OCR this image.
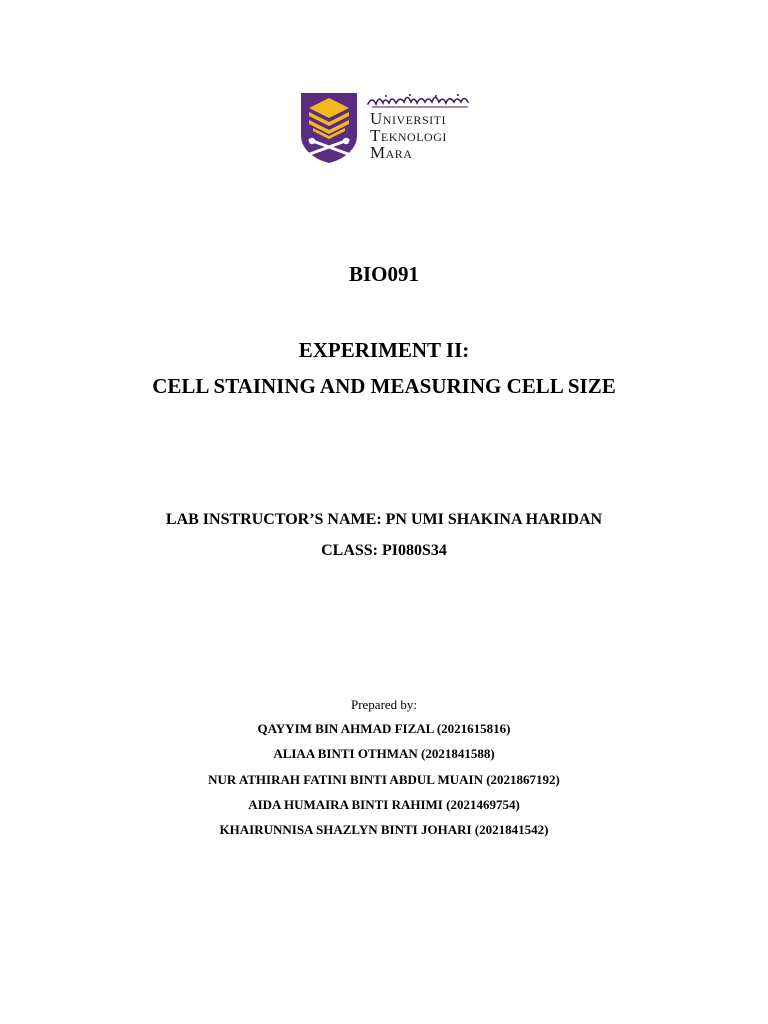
Universiti
Teknologi
Mara
BIO091
EXPERIMENT II:
CELL STAINING AND MEASURING CELL SIZE
LAB INSTRUCTOR’S NAME: PN UMI SHAKINA HARIDAN
CLASS: PI080S34
Prepared by:
QAYYIM BIN AHMAD FIZAL (2021615816)
ALIAA BINTI OTHMAN (2021841588)
NUR ATHIRAH FATINI BINTI ABDUL MUAIN (2021867192)
AIDA HUMAIRA BINTI RAHIMI (2021469754)
KHAIRUNNISA SHAZLYN BINTI JOHARI (2021841542)
